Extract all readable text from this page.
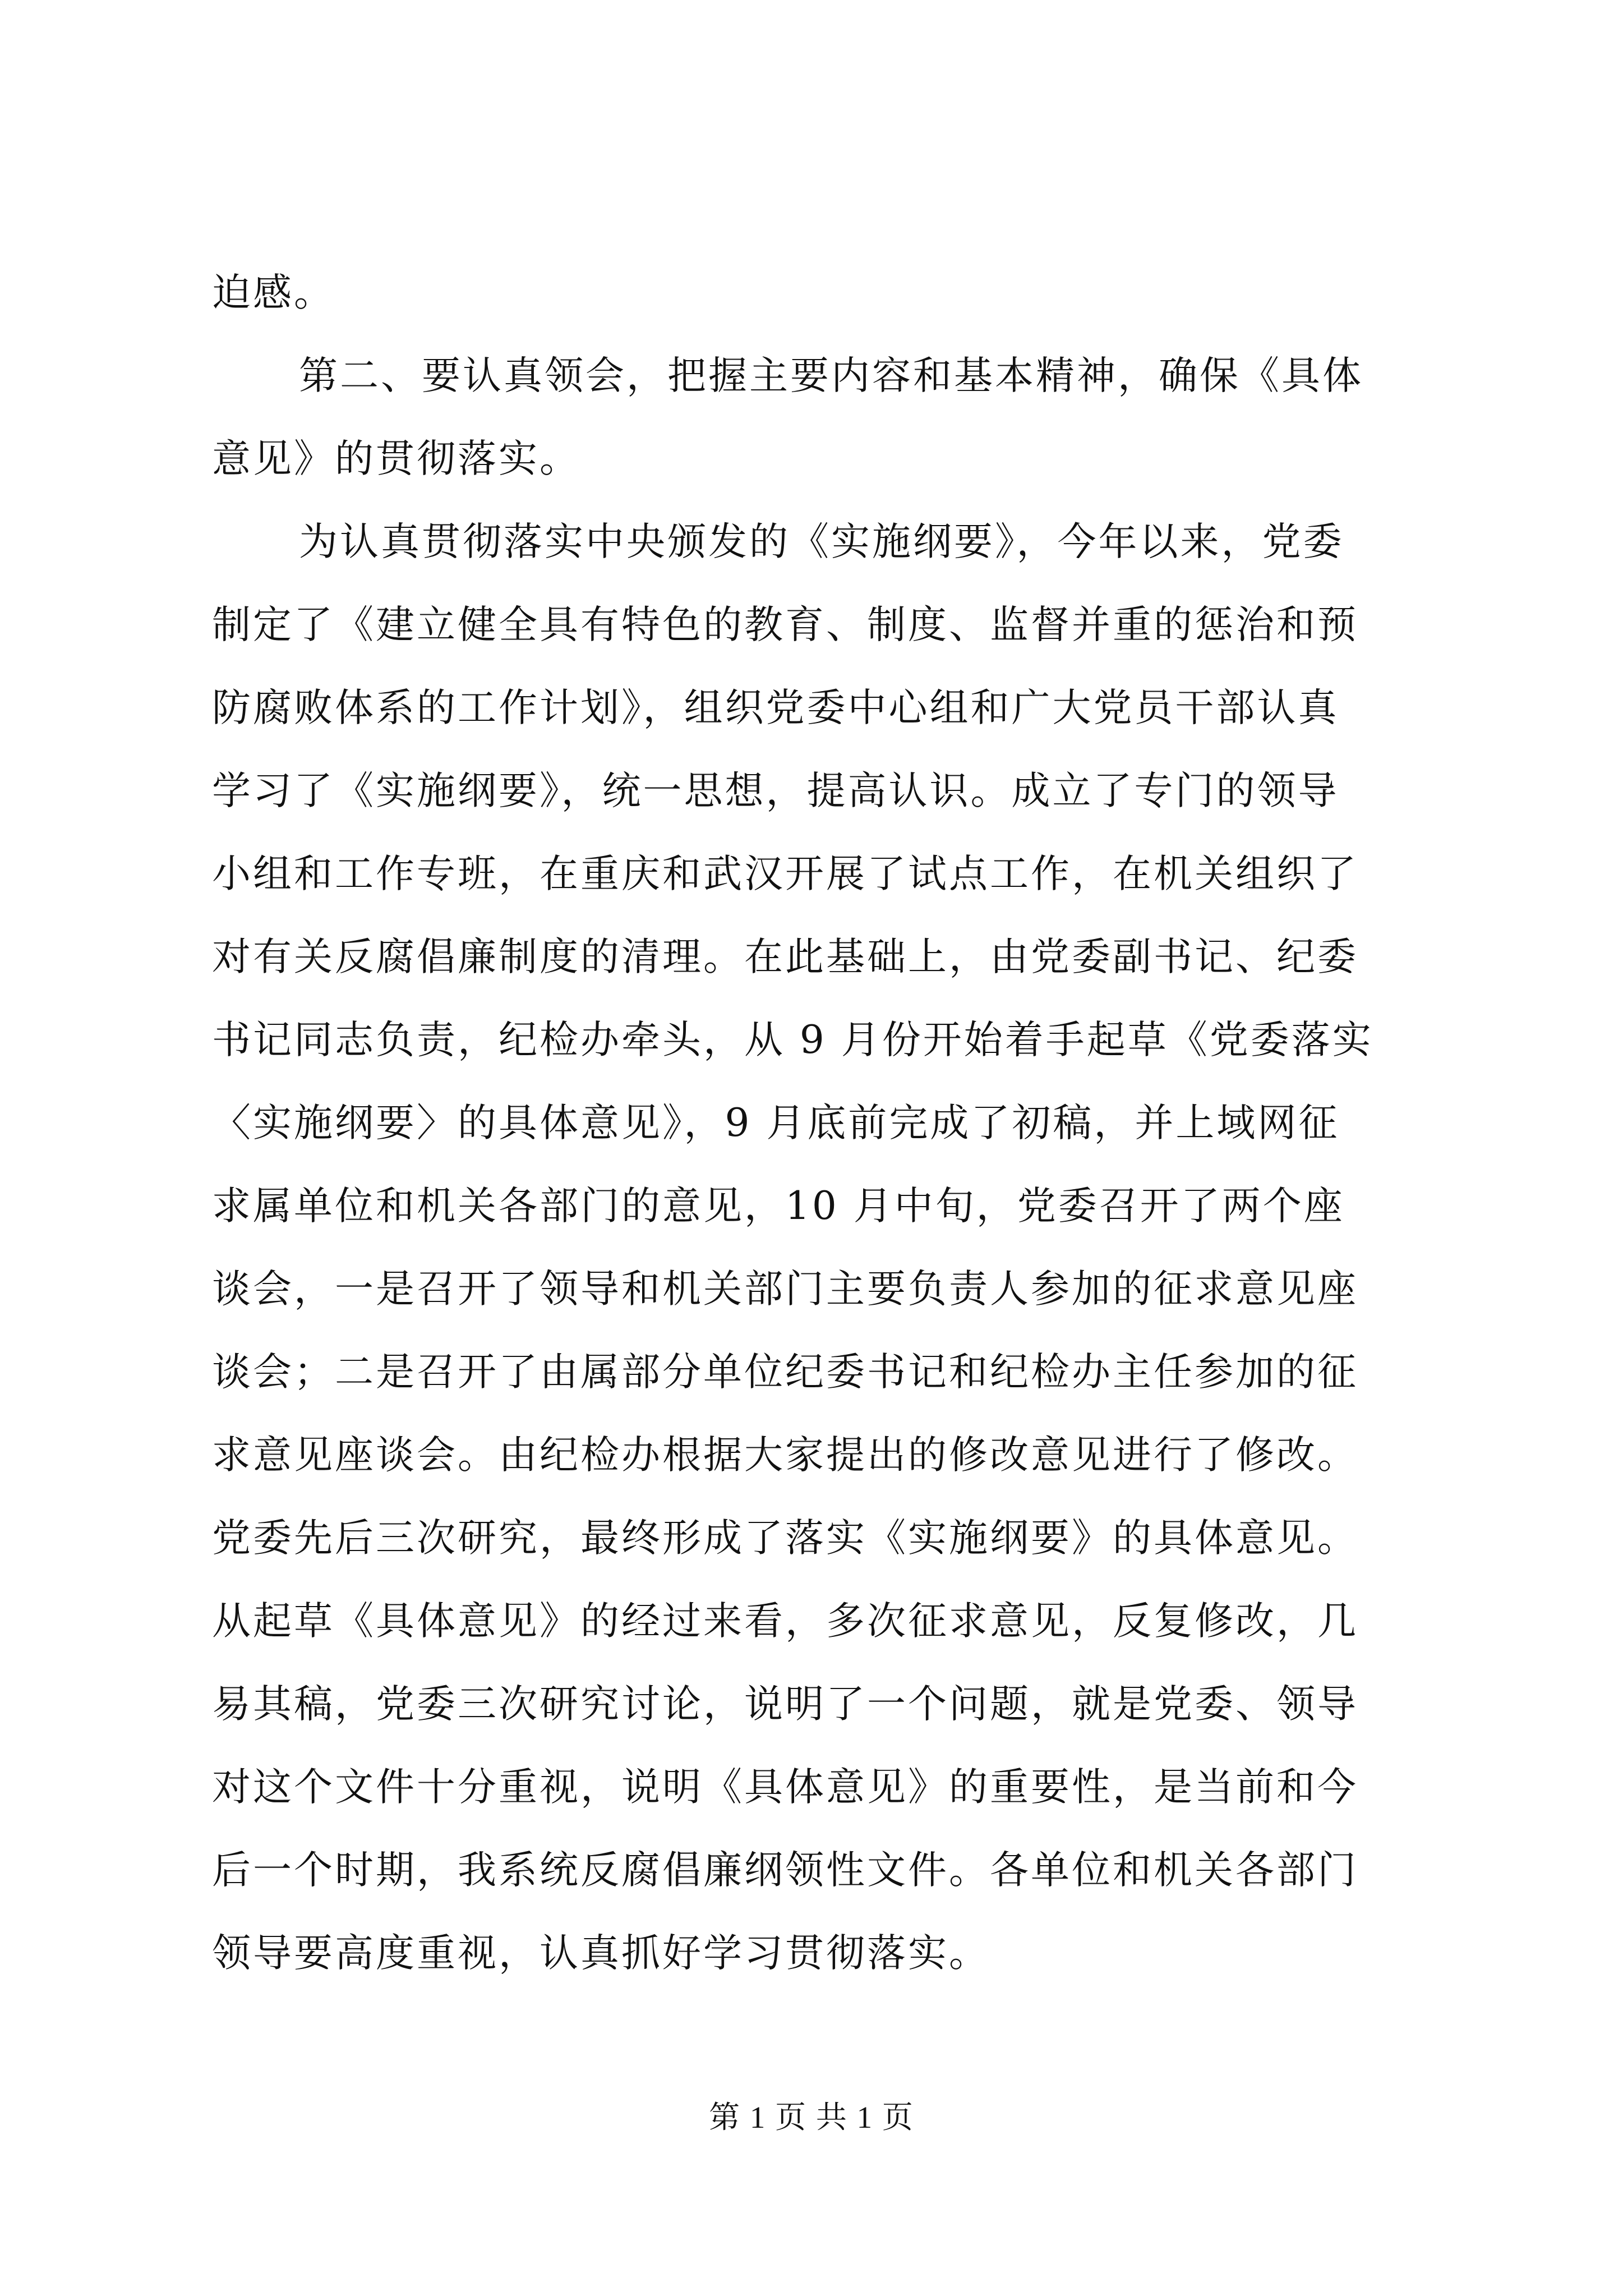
迫感。
第二、要认真领会，把握主要内容和基本精神，确保《具体
意见》的贯彻落实。
为认真贯彻落实中央颁发的《实施纲要》，今年以来，党委
制定了《建立健全具有特色的教育、制度、监督并重的惩治和预
防腐败体系的工作计划》，组织党委中心组和广大党员干部认真
学习了《实施纲要》，统一思想，提高认识。成立了专门的领导
小组和工作专班，在重庆和武汉开展了试点工作，在机关组织了
对有关反腐倡廉制度的清理。在此基础上，由党委副书记、纪委
书记同志负责，纪检办牵头，从 9 月份开始着手起草《党委落实
〈实施纲要〉的具体意见》，9 月底前完成了初稿，并上域网征
求属单位和机关各部门的意见，10 月中旬，党委召开了两个座
谈会，一是召开了领导和机关部门主要负责人参加的征求意见座
谈会；二是召开了由属部分单位纪委书记和纪检办主任参加的征
求意见座谈会。由纪检办根据大家提出的修改意见进行了修改。
党委先后三次研究，最终形成了落实《实施纲要》的具体意见。
从起草《具体意见》的经过来看，多次征求意见，反复修改，几
易其稿，党委三次研究讨论，说明了一个问题，就是党委、领导
对这个文件十分重视，说明《具体意见》的重要性，是当前和今
后一个时期，我系统反腐倡廉纲领性文件。各单位和机关各部门
领导要高度重视，认真抓好学习贯彻落实。
第 1 页 共 1 页
